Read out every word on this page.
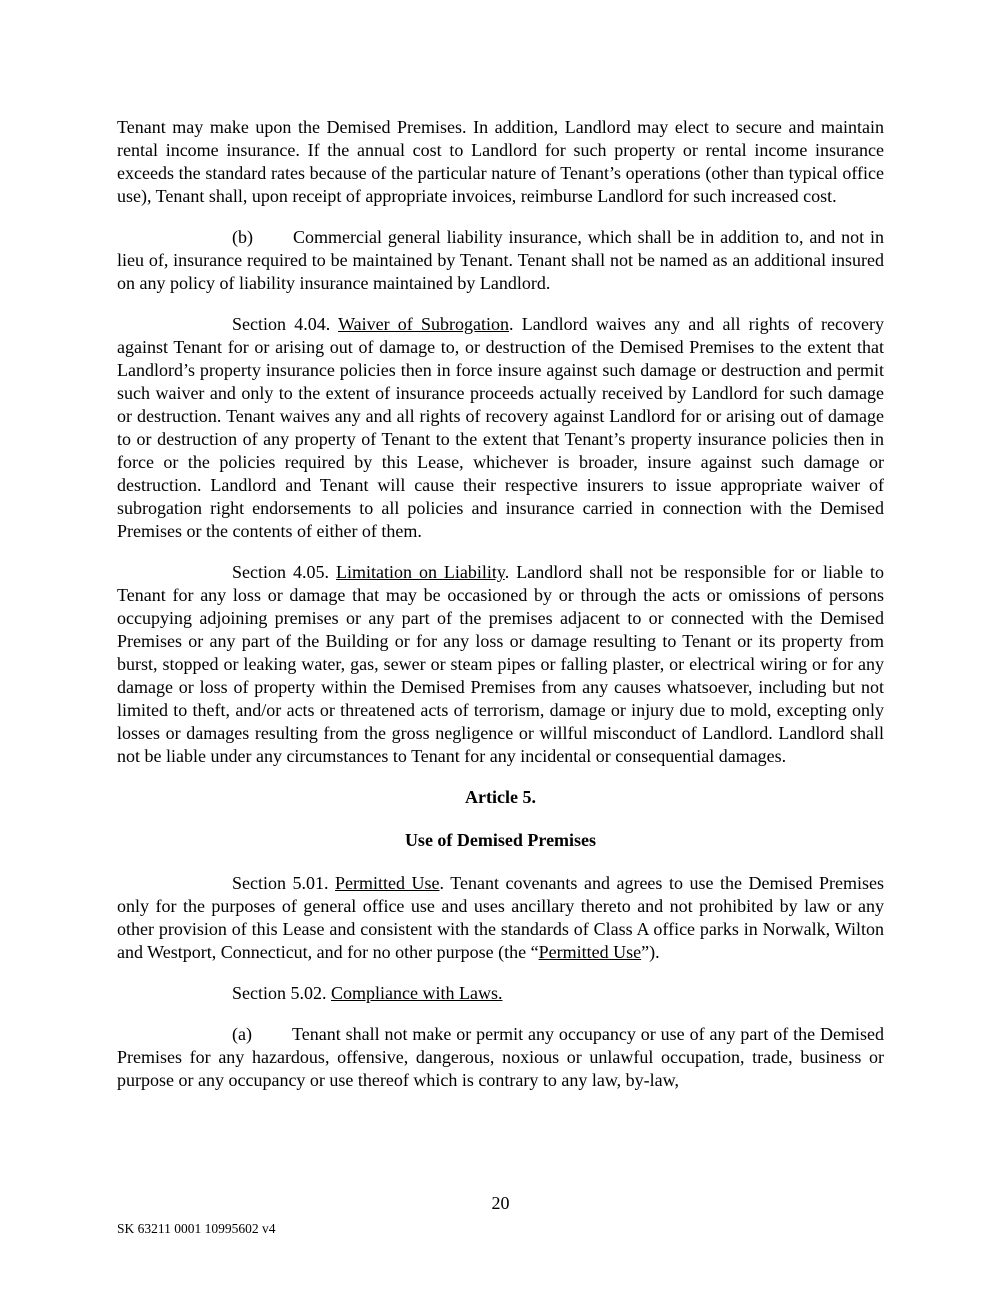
Tenant may make upon the Demised Premises. In addition, Landlord may elect to secure and maintain rental income insurance. If the annual cost to Landlord for such property or rental income insurance exceeds the standard rates because of the particular nature of Tenant’s operations (other than typical office use), Tenant shall, upon receipt of appropriate invoices, reimburse Landlord for such increased cost.

(b) Commercial general liability insurance, which shall be in addition to, and not in lieu of, insurance required to be maintained by Tenant. Tenant shall not be named as an additional insured on any policy of liability insurance maintained by Landlord.

Section 4.04. Waiver of Subrogation. Landlord waives any and all rights of recovery against Tenant for or arising out of damage to, or destruction of the Demised Premises to the extent that Landlord’s property insurance policies then in force insure against such damage or destruction and permit such waiver and only to the extent of insurance proceeds actually received by Landlord for such damage or destruction. Tenant waives any and all rights of recovery against Landlord for or arising out of damage to or destruction of any property of Tenant to the extent that Tenant’s property insurance policies then in force or the policies required by this Lease, whichever is broader, insure against such damage or destruction. Landlord and Tenant will cause their respective insurers to issue appropriate waiver of subrogation right endorsements to all policies and insurance carried in connection with the Demised Premises or the contents of either of them.

Section 4.05. Limitation on Liability. Landlord shall not be responsible for or liable to Tenant for any loss or damage that may be occasioned by or through the acts or omissions of persons occupying adjoining premises or any part of the premises adjacent to or connected with the Demised Premises or any part of the Building or for any loss or damage resulting to Tenant or its property from burst, stopped or leaking water, gas, sewer or steam pipes or falling plaster, or electrical wiring or for any damage or loss of property within the Demised Premises from any causes whatsoever, including but not limited to theft, and/or acts or threatened acts of terrorism, damage or injury due to mold, excepting only losses or damages resulting from the gross negligence or willful misconduct of Landlord. Landlord shall not be liable under any circumstances to Tenant for any incidental or consequential damages.

Article 5.
Use of Demised Premises

Section 5.01. Permitted Use. Tenant covenants and agrees to use the Demised Premises only for the purposes of general office use and uses ancillary thereto and not prohibited by law or any other provision of this Lease and consistent with the standards of Class A office parks in Norwalk, Wilton and Westport, Connecticut, and for no other purpose (the “Permitted Use”).

Section 5.02. Compliance with Laws.

(a) Tenant shall not make or permit any occupancy or use of any part of the Demised Premises for any hazardous, offensive, dangerous, noxious or unlawful occupation, trade, business or purpose or any occupancy or use thereof which is contrary to any law, by-law,

20
SK 63211 0001 10995602 v4
